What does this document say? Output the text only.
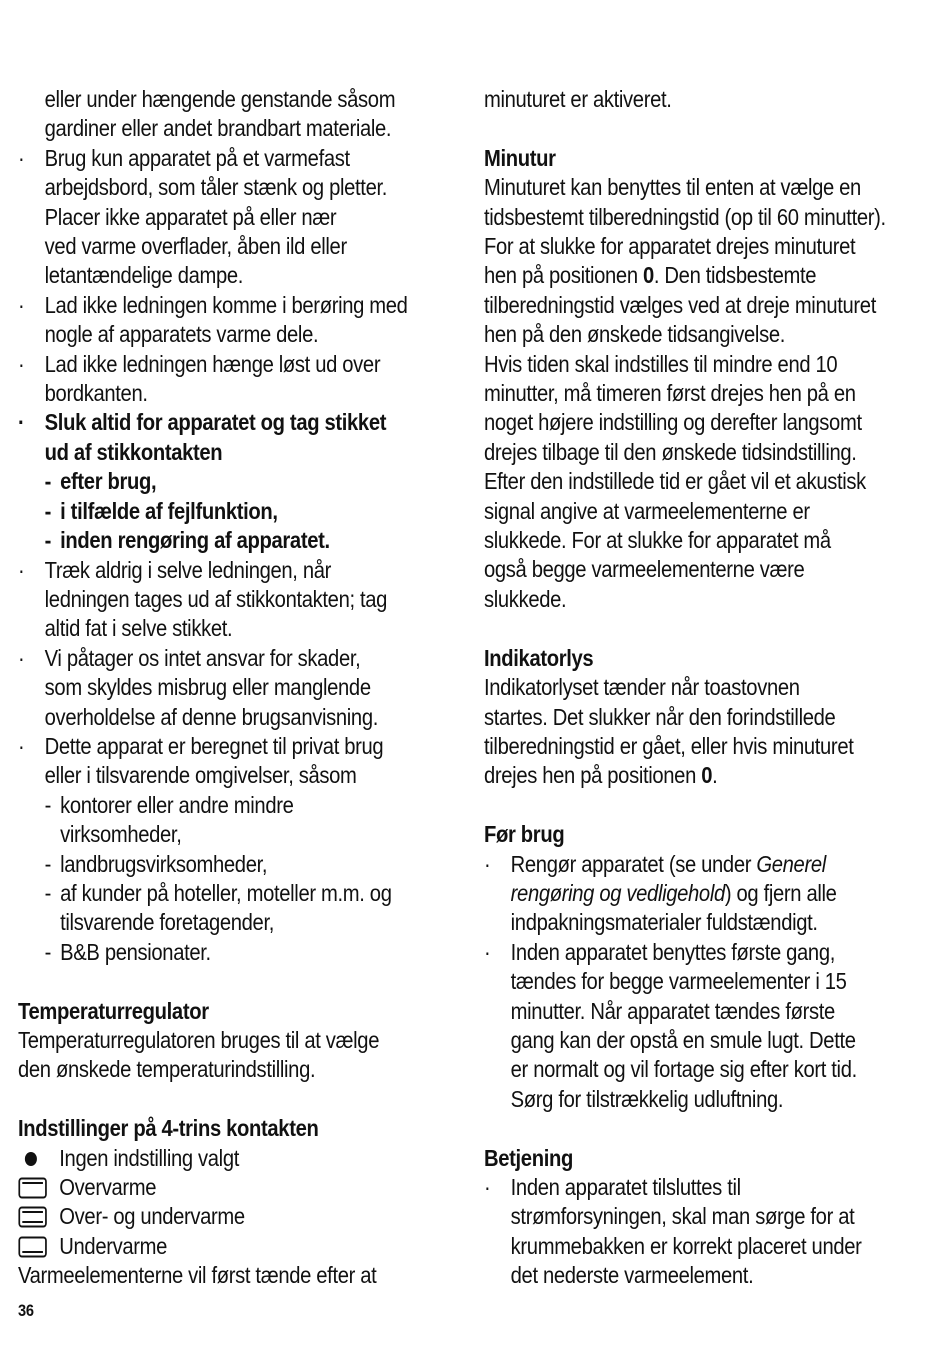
eller under hængende genstande såsom

gardiner eller andet brandbart materiale.

· Brug kun apparatet på et varmefast

arbejdsbord, som tåler stænk og pletter.

Placer ikke apparatet på eller nær

ved varme overflader, åben ild eller

letantændelige dampe.

· Lad ikke ledningen komme i berøring med

nogle af apparatets varme dele.

· Lad ikke ledningen hænge løst ud over

bordkanten.

· Sluk altid for apparatet og tag stikket

ud af stikkontakten

- efter brug,

- i tilfælde af fejlfunktion,

- inden rengøring af apparatet.

· Træk aldrig i selve ledningen, når

ledningen tages ud af stikkontakten; tag

altid fat i selve stikket.

· Vi påtager os intet ansvar for skader,

som skyldes misbrug eller manglende

overholdelse af denne brugsanvisning.

· Dette apparat er beregnet til privat brug

eller i tilsvarende omgivelser, såsom

- kontorer eller andre mindre

virksomheder,

- landbrugsvirksomheder,

- af kunder på hoteller, moteller m.m. og

tilsvarende foretagender,

- B&B pensionater.

Temperaturregulator

Temperaturregulatoren bruges til at vælge

den ønskede temperaturindstilling.

Indstillinger på 4-trins kontakten

Ingen indstilling valgt

Overvarme

Over- og undervarme

Undervarme

Varmeelementerne vil først tænde efter at

minuturet er aktiveret.

Minutur

Minuturet kan benyttes til enten at vælge en

tidsbestemt tilberedningstid (op til 60 minutter).

For at slukke for apparatet drejes minuturet

hen på positionen 0. Den tidsbestemte

tilberedningstid vælges ved at dreje minuturet

hen på den ønskede tidsangivelse.

Hvis tiden skal indstilles til mindre end 10

minutter, må timeren først drejes hen på en

noget højere indstilling og derefter langsomt

drejes tilbage til den ønskede tidsindstilling.

Efter den indstillede tid er gået vil et akustisk

signal angive at varmeelementerne er

slukkede. For at slukke for apparatet må

også begge varmeelementerne være

slukkede.

Indikatorlys

Indikatorlyset tænder når toastovnen

startes. Det slukker når den forindstillede

tilberedningstid er gået, eller hvis minuturet

drejes hen på positionen 0.

Før brug

· Rengør apparatet (se under Generel

rengøring og vedligehold) og fjern alle

indpakningsmaterialer fuldstændigt.

· Inden apparatet benyttes første gang,

tændes for begge varmeelementer i 15

minutter. Når apparatet tændes første

gang kan der opstå en smule lugt. Dette

er normalt og vil fortage sig efter kort tid.

Sørg for tilstrækkelig udluftning.

Betjening

· Inden apparatet tilsluttes til

strømforsyningen, skal man sørge for at

krummebakken er korrekt placeret under

det nederste varmeelement.

36
